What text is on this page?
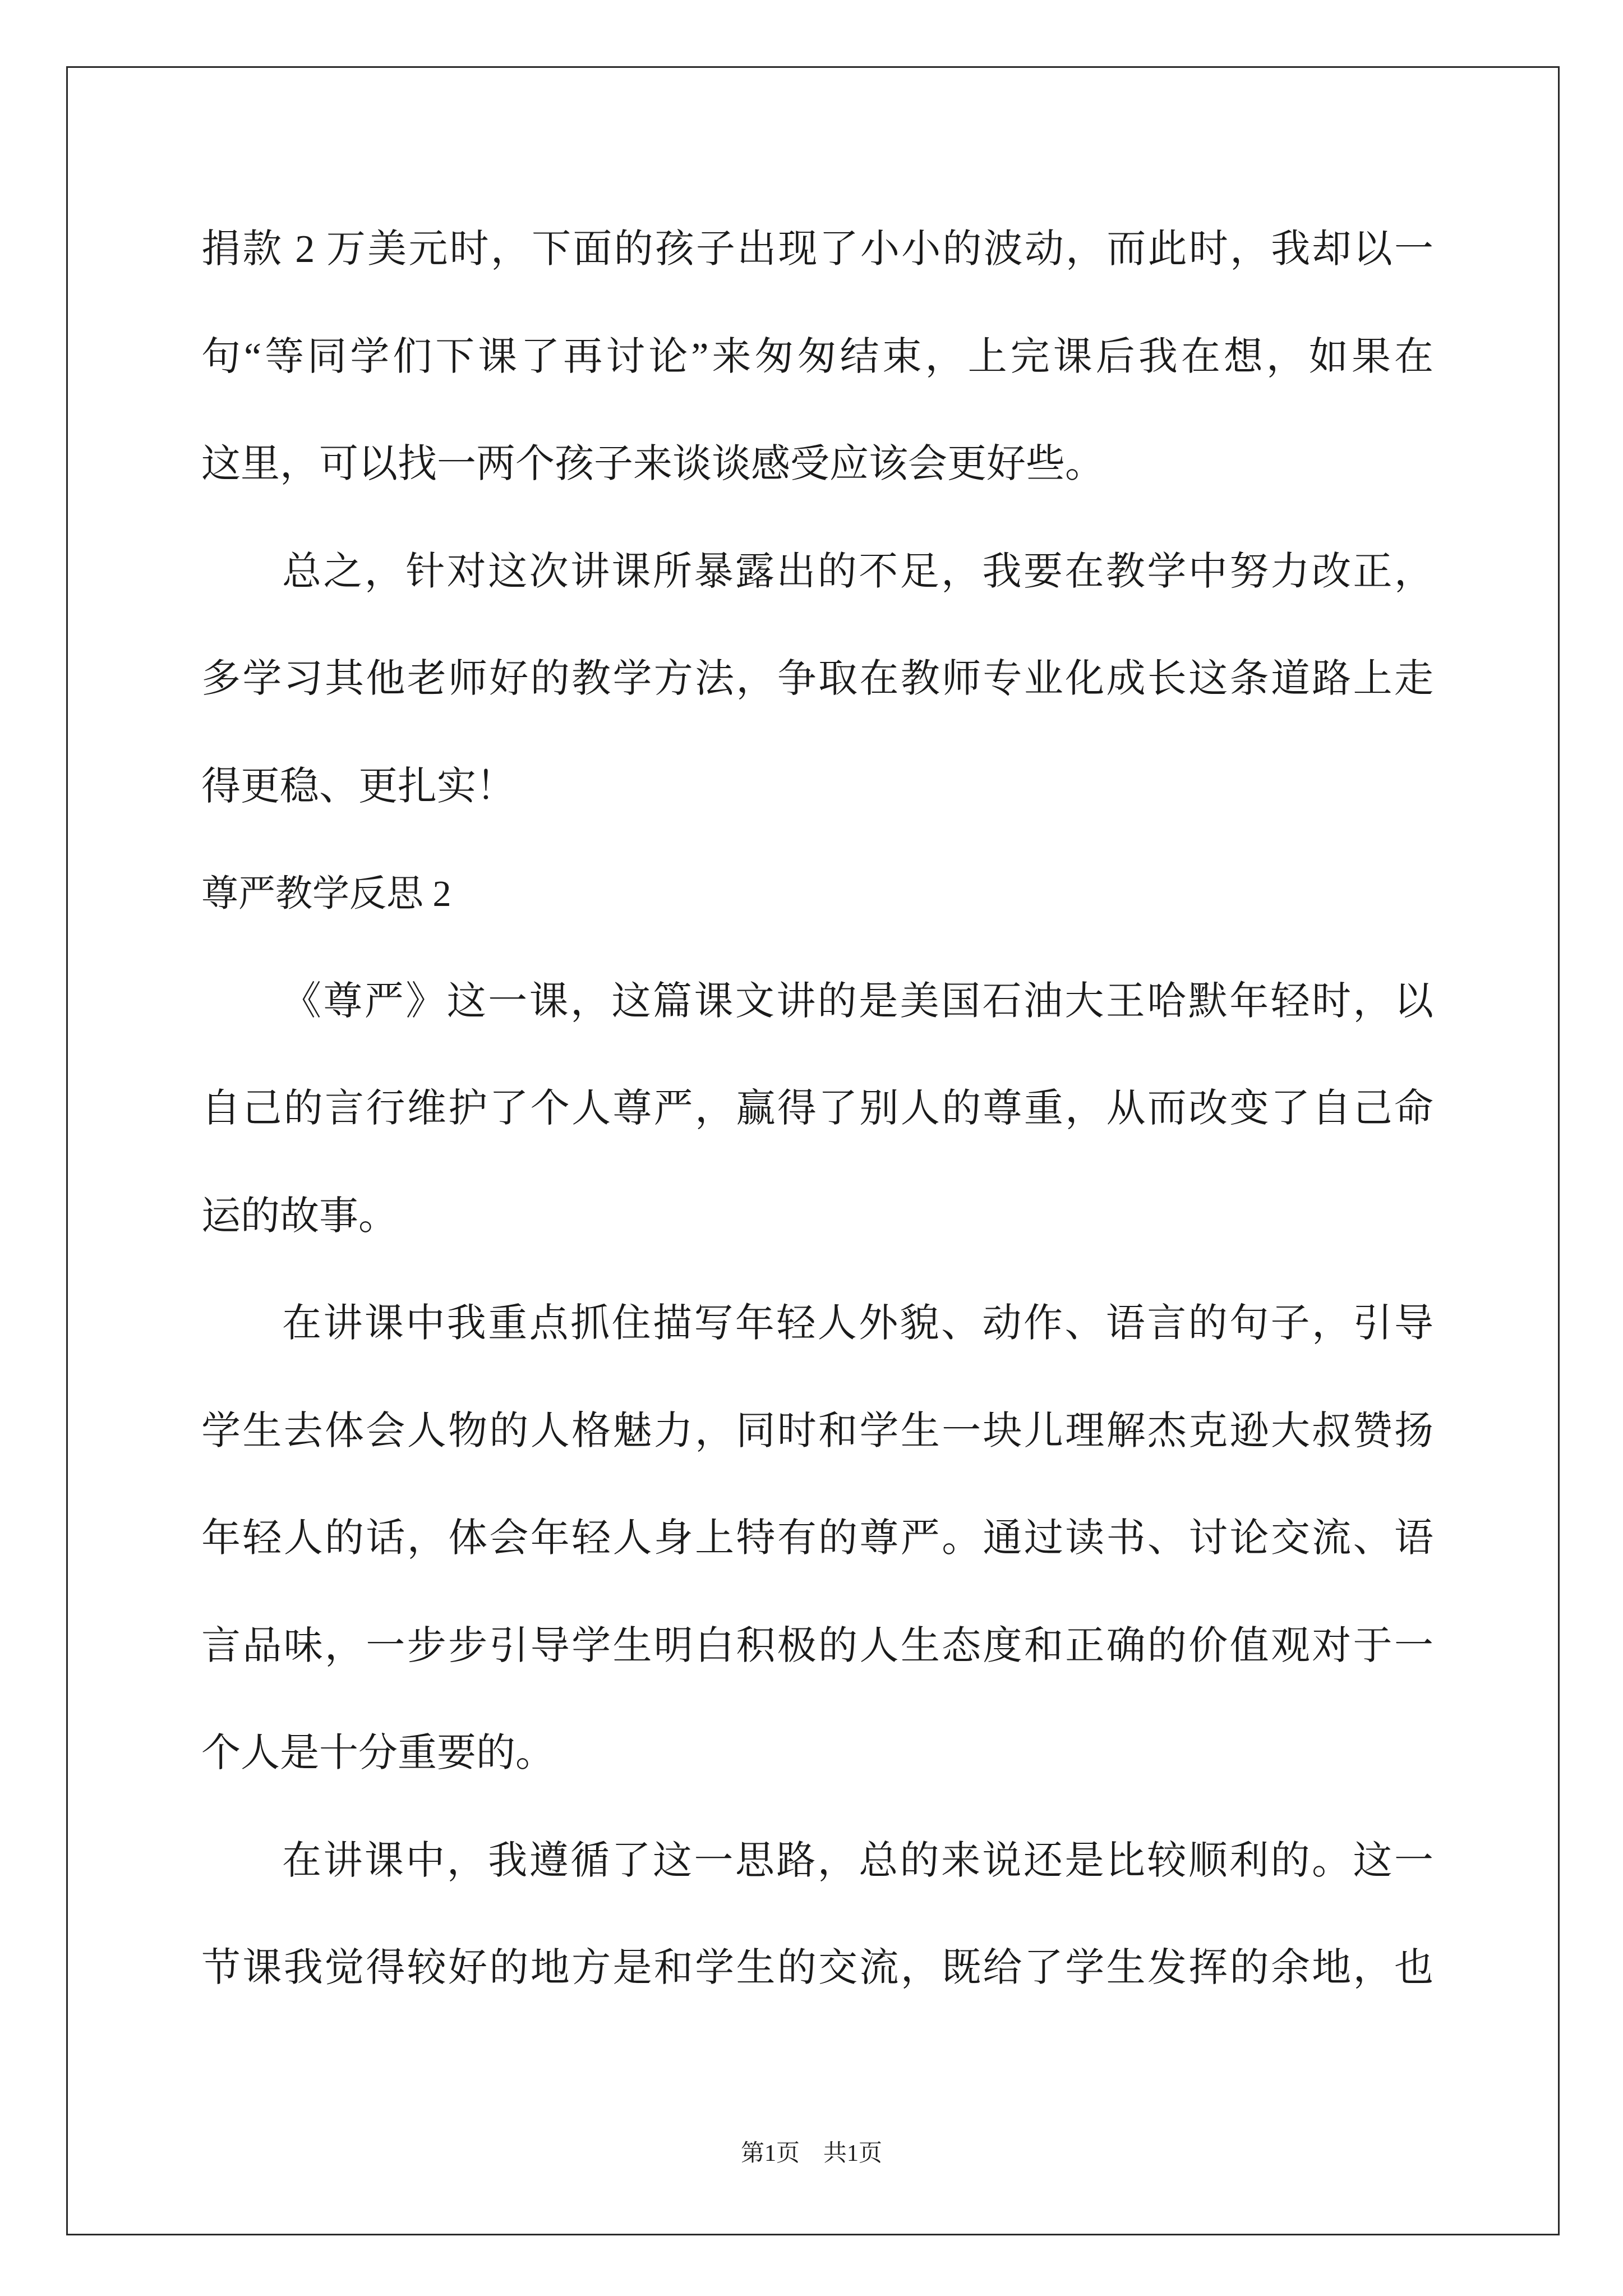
捐款 2 万美元时，下面的孩子出现了小小的波动，而此时，我却以一
句“等同学们下课了再讨论”来匆匆结束，上完课后我在想，如果在
这里，可以找一两个孩子来谈谈感受应该会更好些。
总之，针对这次讲课所暴露出的不足，我要在教学中努力改正，
多学习其他老师好的教学方法，争取在教师专业化成长这条道路上走
得更稳、更扎实！
尊严教学反思 2
《尊严》这一课，这篇课文讲的是美国石油大王哈默年轻时，以
自己的言行维护了个人尊严，赢得了别人的尊重，从而改变了自己命
运的故事。
在讲课中我重点抓住描写年轻人外貌、动作、语言的句子，引导
学生去体会人物的人格魅力，同时和学生一块儿理解杰克逊大叔赞扬
年轻人的话，体会年轻人身上特有的尊严。通过读书、讨论交流、语
言品味，一步步引导学生明白积极的人生态度和正确的价值观对于一
个人是十分重要的。
在讲课中，我遵循了这一思路，总的来说还是比较顺利的。这一
节课我觉得较好的地方是和学生的交流，既给了学生发挥的余地，也
第1页　共1页
